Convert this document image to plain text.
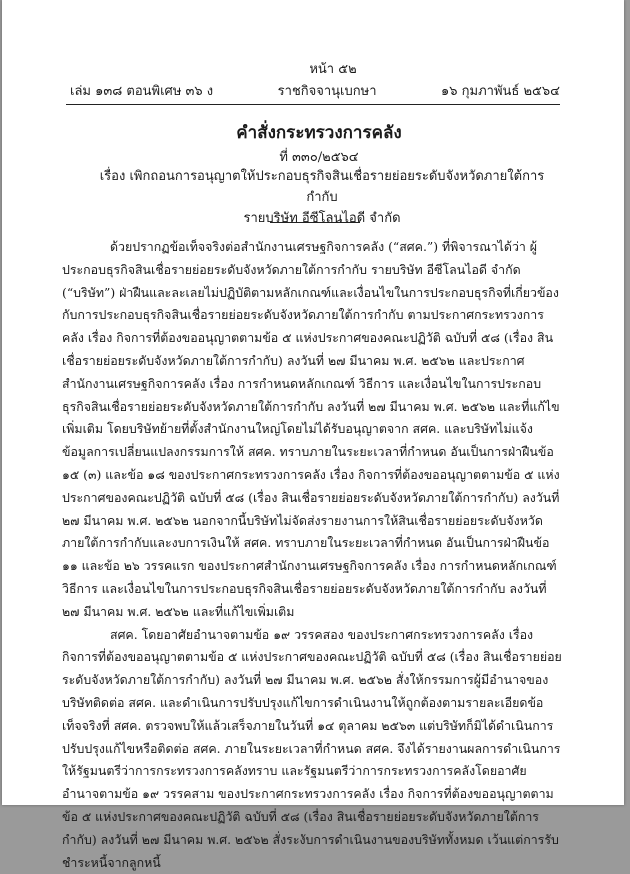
หน้า ๕๒
เล่ม ๑๓๘ ตอนพิเศษ ๓๖ ง	ราชกิจจานุเบกษา	๑๖ กุมภาพันธ์ ๒๕๖๔
คำสั่งกระทรวงการคลัง
ที่ ๓๓๐/๒๕๖๔
เรื่อง เพิกถอนการอนุญาตให้ประกอบธุรกิจสินเชื่อรายย่อยระดับจังหวัดภายใต้การกำกับ
รายบริษัท อีซีโลนไอดี จำกัด

ด้วยปรากฏข้อเท็จจริงต่อสำนักงานเศรษฐกิจการคลัง (“สศค.”) ที่พิจารณาได้ว่า ผู้ประกอบธุรกิจสินเชื่อรายย่อยระดับจังหวัดภายใต้การกำกับ รายบริษัท อีซีโลนไอดี จำกัด (“บริษัท”) ฝ่าฝืนและละเลยไม่ปฏิบัติตามหลักเกณฑ์และเงื่อนไขในการประกอบธุรกิจที่เกี่ยวข้องกับการประกอบธุรกิจสินเชื่อรายย่อยระดับจังหวัดภายใต้การกำกับ ตามประกาศกระทรวงการคลัง เรื่อง กิจการที่ต้องขออนุญาตตามข้อ ๕ แห่งประกาศของคณะปฏิวัติ ฉบับที่ ๕๘ (เรื่อง สินเชื่อรายย่อยระดับจังหวัดภายใต้การกำกับ) ลงวันที่ ๒๗ มีนาคม พ.ศ. ๒๕๖๒ และประกาศสำนักงานเศรษฐกิจการคลัง เรื่อง การกำหนดหลักเกณฑ์ วิธีการ และเงื่อนไขในการประกอบธุรกิจสินเชื่อรายย่อยระดับจังหวัดภายใต้การกำกับ ลงวันที่ ๒๗ มีนาคม พ.ศ. ๒๕๖๒ และที่แก้ไขเพิ่มเติม โดยบริษัทย้ายที่ตั้งสำนักงานใหญ่โดยไม่ได้รับอนุญาตจาก สศค. และบริษัทไม่แจ้งข้อมูลการเปลี่ยนแปลงกรรมการให้ สศค. ทราบภายในระยะเวลาที่กำหนด อันเป็นการฝ่าฝืนข้อ ๑๕ (๓) และข้อ ๑๘ ของประกาศกระทรวงการคลัง เรื่อง กิจการที่ต้องขออนุญาตตามข้อ ๕ แห่งประกาศของคณะปฏิวัติ ฉบับที่ ๕๘ (เรื่อง สินเชื่อรายย่อยระดับจังหวัดภายใต้การกำกับ) ลงวันที่ ๒๗ มีนาคม พ.ศ. ๒๕๖๒ นอกจากนี้บริษัทไม่จัดส่งรายงานการให้สินเชื่อรายย่อยระดับจังหวัดภายใต้การกำกับและงบการเงินให้ สศค. ทราบภายในระยะเวลาที่กำหนด อันเป็นการฝ่าฝืนข้อ ๑๑ และข้อ ๒๖ วรรคแรก ของประกาศสำนักงานเศรษฐกิจการคลัง เรื่อง การกำหนดหลักเกณฑ์ วิธีการ และเงื่อนไขในการประกอบธุรกิจสินเชื่อรายย่อยระดับจังหวัดภายใต้การกำกับ ลงวันที่ ๒๗ มีนาคม พ.ศ. ๒๕๖๒ และที่แก้ไขเพิ่มเติม

สศค. โดยอาศัยอำนาจตามข้อ ๑๙ วรรคสอง ของประกาศกระทรวงการคลัง เรื่อง กิจการที่ต้องขออนุญาตตามข้อ ๕ แห่งประกาศของคณะปฏิวัติ ฉบับที่ ๕๘ (เรื่อง สินเชื่อรายย่อยระดับจังหวัดภายใต้การกำกับ) ลงวันที่ ๒๗ มีนาคม พ.ศ. ๒๕๖๒ สั่งให้กรรมการผู้มีอำนาจของบริษัทติดต่อ สศค. และดำเนินการปรับปรุงแก้ไขการดำเนินงานให้ถูกต้องตามรายละเอียดข้อเท็จจริงที่ สศค. ตรวจพบให้แล้วเสร็จภายในวันที่ ๑๔ ตุลาคม ๒๕๖๓ แต่บริษัทก็มิได้ดำเนินการปรับปรุงแก้ไขหรือติดต่อ สศค. ภายในระยะเวลาที่กำหนด สศค. จึงได้รายงานผลการดำเนินการให้รัฐมนตรีว่าการกระทรวงการคลังทราบ และรัฐมนตรีว่าการกระทรวงการคลังโดยอาศัยอำนาจตามข้อ ๑๙ วรรคสาม ของประกาศกระทรวงการคลัง เรื่อง กิจการที่ต้องขออนุญาตตามข้อ ๕ แห่งประกาศของคณะปฏิวัติ ฉบับที่ ๕๘ (เรื่อง สินเชื่อรายย่อยระดับจังหวัดภายใต้การกำกับ) ลงวันที่ ๒๗ มีนาคม พ.ศ. ๒๕๖๒ สั่งระงับการดำเนินงานของบริษัททั้งหมด เว้นแต่การรับชำระหนี้จากลูกหนี้
